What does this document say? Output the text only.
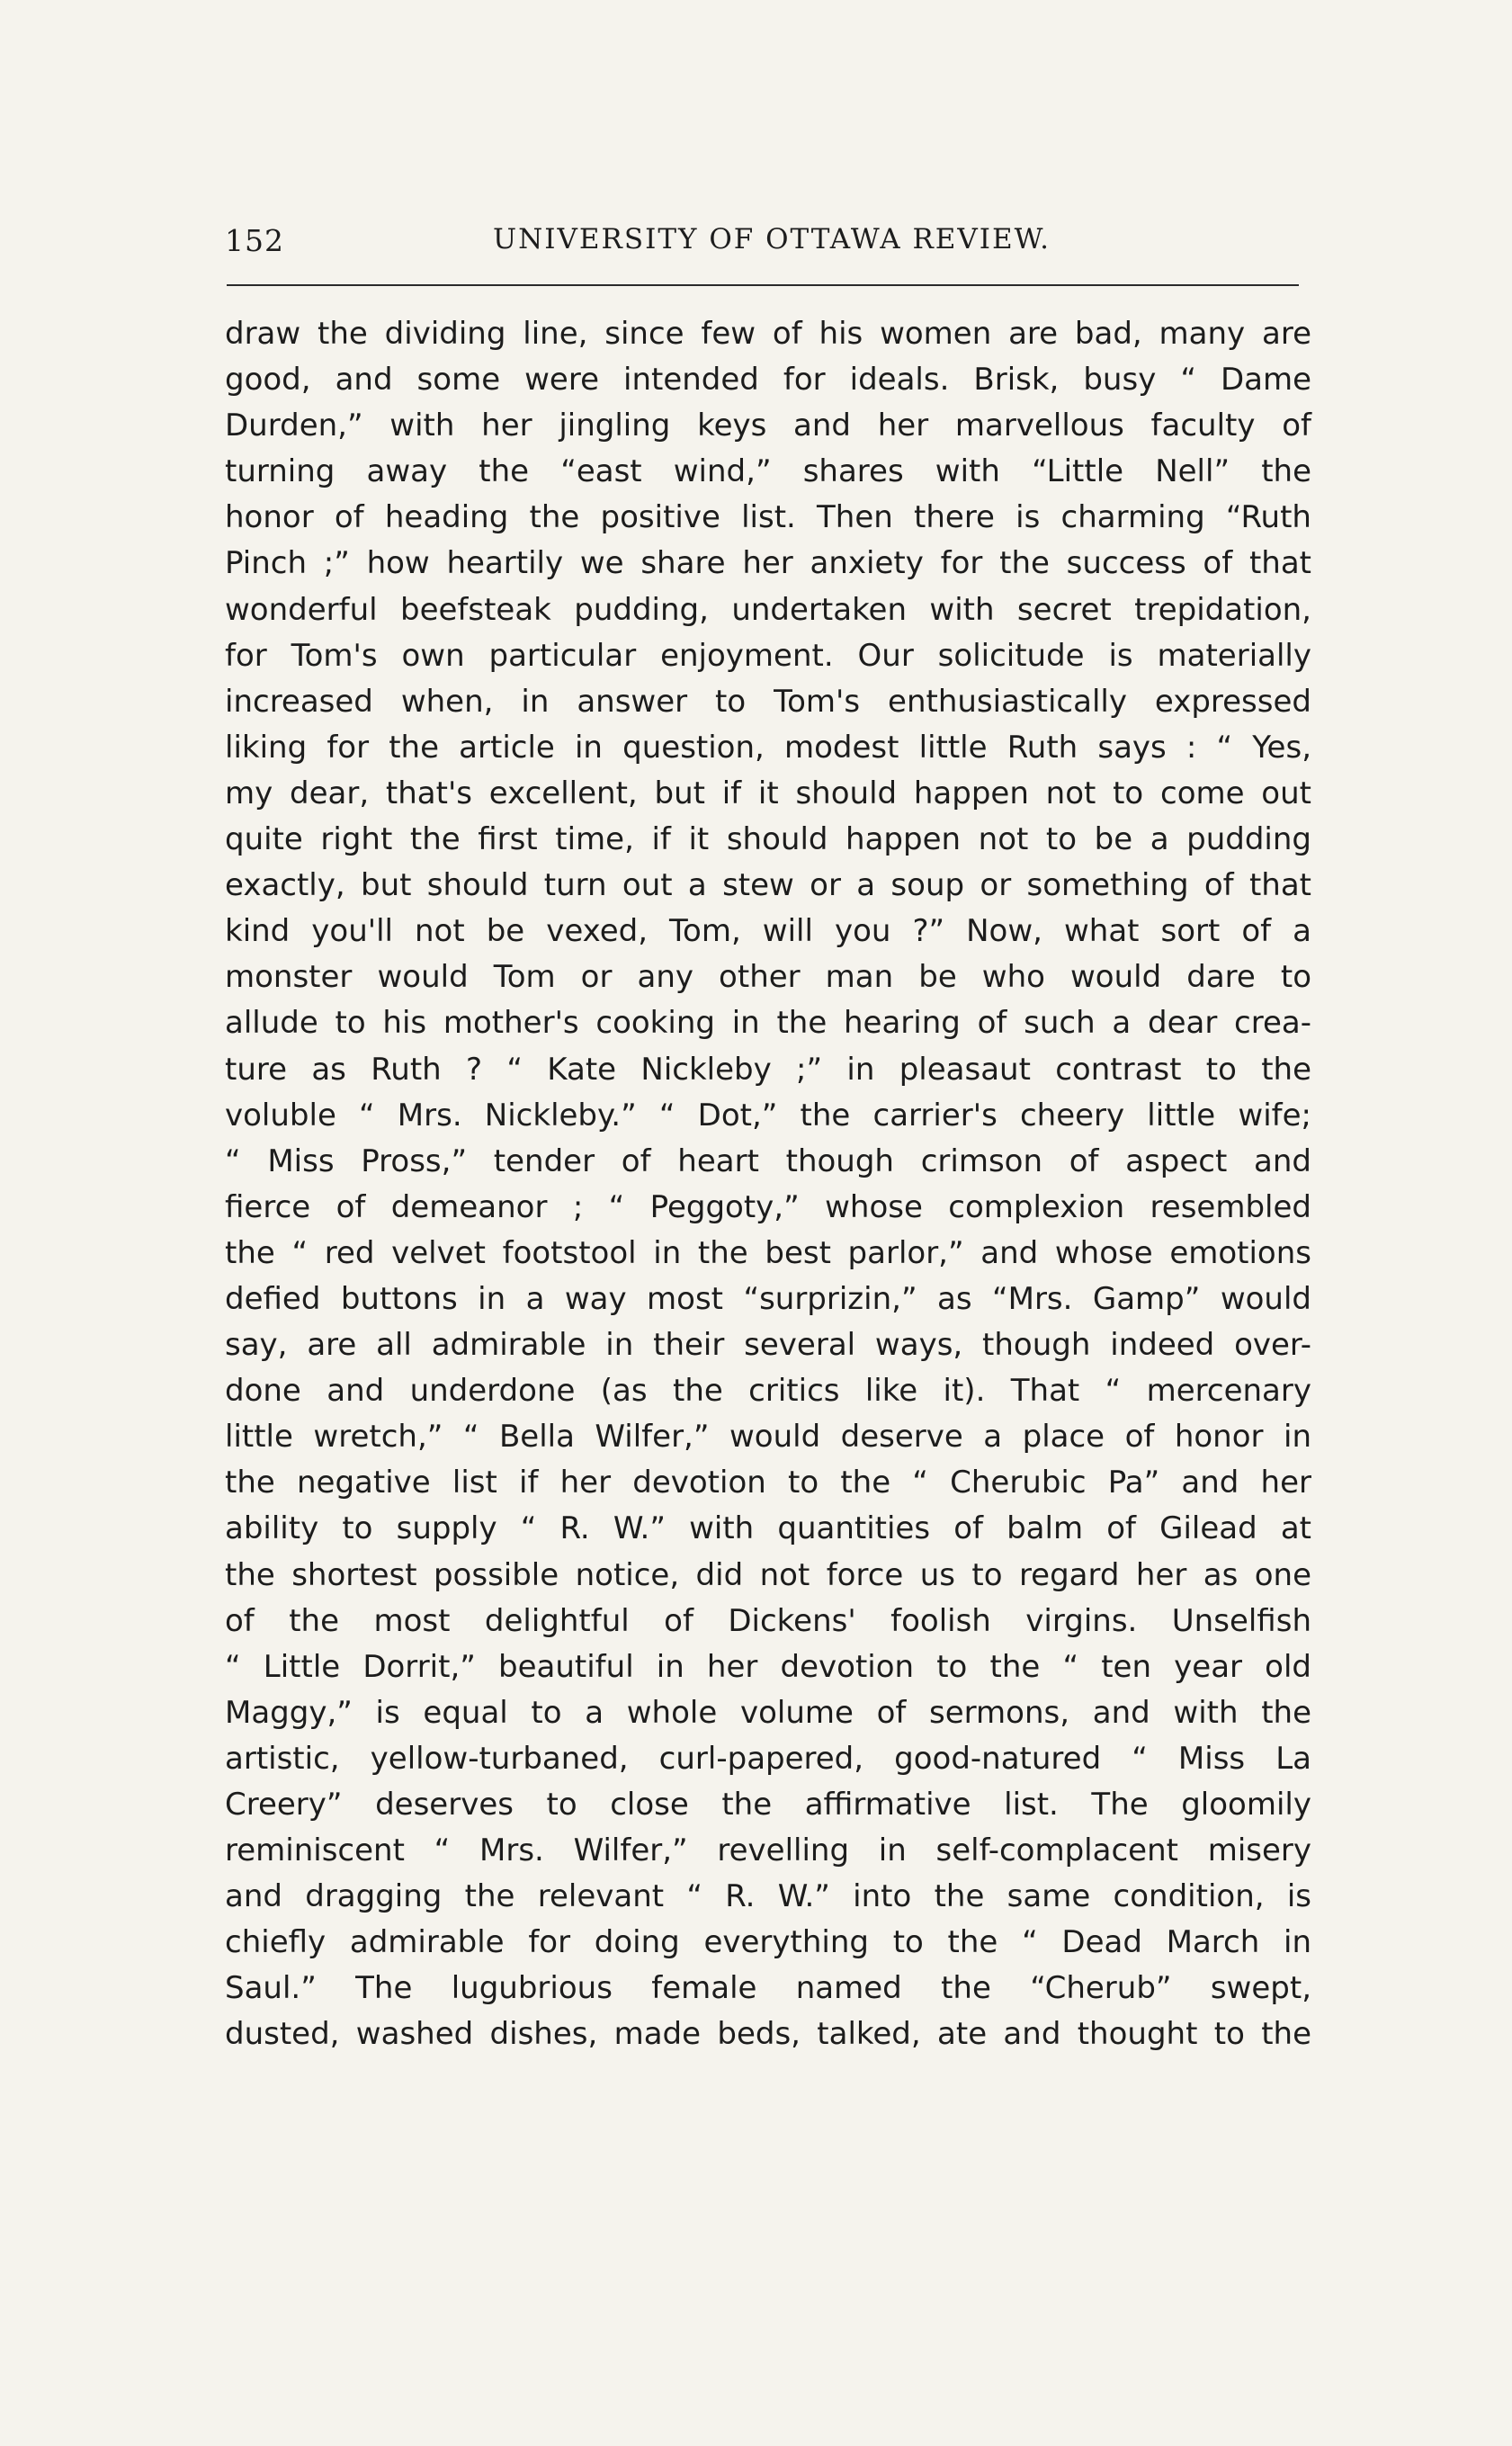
152	UNIVERSITY OF OTTAWA REVIEW.
draw the dividing line, since few of his women are bad, many are
good, and some were intended for ideals. Brisk, busy “ Dame
Durden,” with her jingling keys and her marvellous faculty of
turning away the “east wind,” shares with “Little Nell” the
honor of heading the positive list. Then there is charming “Ruth
Pinch ;” how heartily we share her anxiety for the success of that
wonderful beefsteak pudding, undertaken with secret trepidation,
for Tom's own particular enjoyment. Our solicitude is materially
increased when, in answer to Tom's enthusiastically expressed
liking for the article in question, modest little Ruth says : “ Yes,
my dear, that's excellent, but if it should happen not to come out
quite right the first time, if it should happen not to be a pudding
exactly, but should turn out a stew or a soup or something of that
kind you'll not be vexed, Tom, will you ?” Now, what sort of a
monster would Tom or any other man be who would dare to
allude to his mother's cooking in the hearing of such a dear crea-
ture as Ruth ? “ Kate Nickleby ;” in pleasaut contrast to the
voluble “ Mrs. Nickleby.” “ Dot,” the carrier's cheery little wife;
“ Miss Pross,” tender of heart though crimson of aspect and
fierce of demeanor ; “ Peggoty,” whose complexion resembled
the “ red velvet footstool in the best parlor,” and whose emotions
defied buttons in a way most “surprizin,” as “Mrs. Gamp” would
say, are all admirable in their several ways, though indeed over-
done and underdone (as the critics like it). That “ mercenary
little wretch,” “ Bella Wilfer,” would deserve a place of honor in
the negative list if her devotion to the “ Cherubic Pa” and her
ability to supply “ R. W.” with quantities of balm of Gilead at
the shortest possible notice, did not force us to regard her as one
of the most delightful of Dickens' foolish virgins. Unselfish
“ Little Dorrit,” beautiful in her devotion to the “ ten year old
Maggy,” is equal to a whole volume of sermons, and with the
artistic, yellow-turbaned, curl-papered, good-natured “ Miss La
Creery” deserves to close the affirmative list. The gloomily
reminiscent “ Mrs. Wilfer,” revelling in self-complacent misery
and dragging the relevant “ R. W.” into the same condition, is
chiefly admirable for doing everything to the “ Dead March in
Saul.” The lugubrious female named the “Cherub” swept,
dusted, washed dishes, made beds, talked, ate and thought to the
